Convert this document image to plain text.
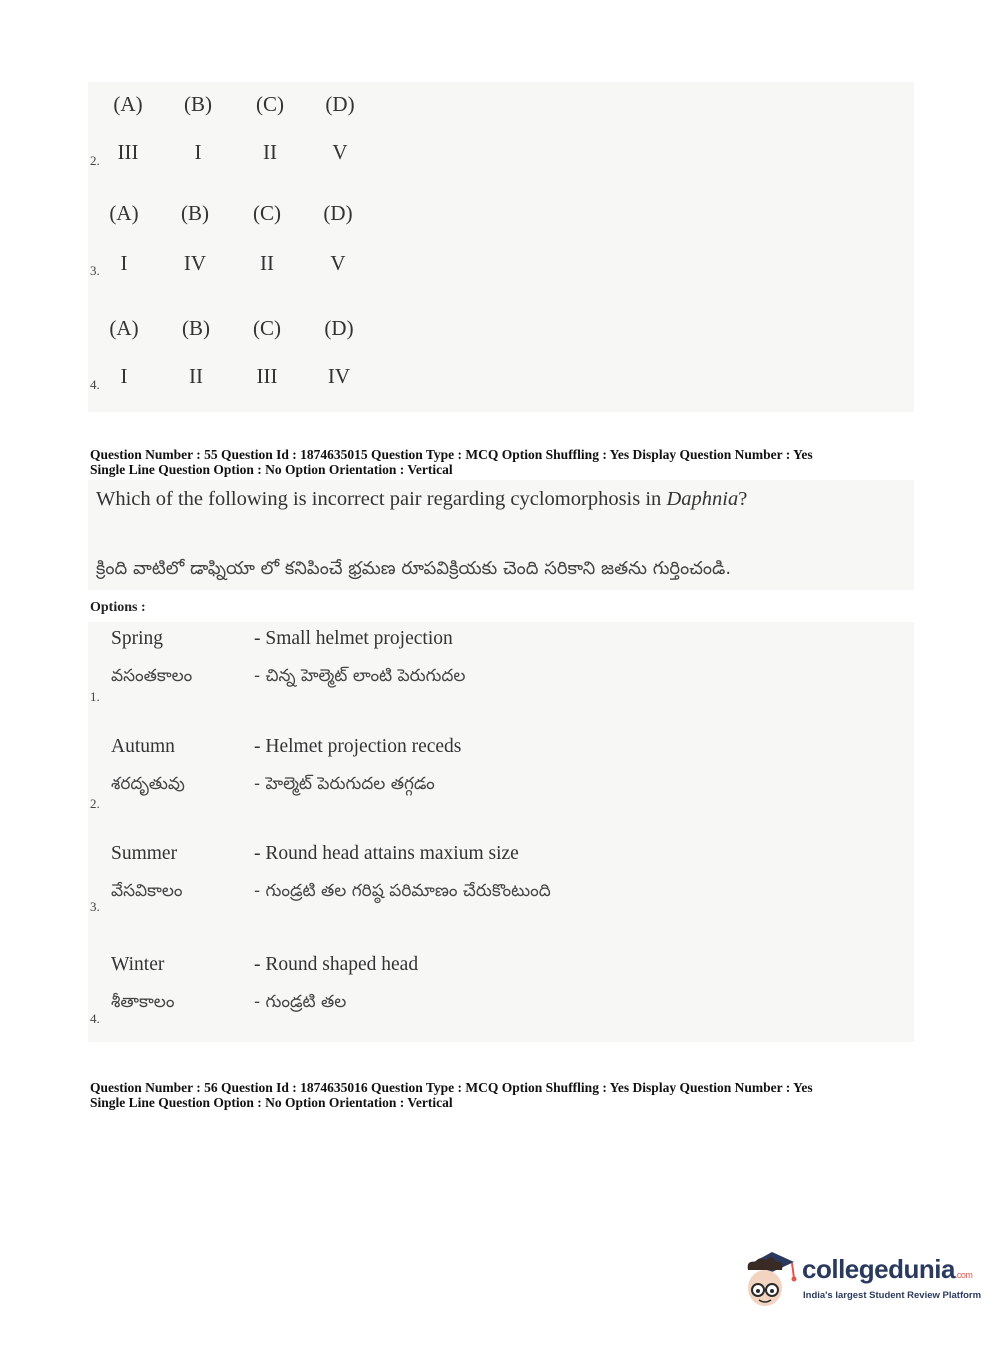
(A) (B) (C) (D)
III	I	II	V
2.
(A) (B) (C) (D)
I	IV	II	V
3.
(A) (B) (C) (D)
I	II	III	IV
4.
Question Number : 55 Question Id : 1874635015 Question Type : MCQ Option Shuffling : Yes Display Question Number : Yes
Single Line Question Option : No Option Orientation : Vertical
Which of the following is incorrect pair regarding cyclomorphosis in Daphnia?
క్రింది వాటిలో డాఫ్నియా లో కనిపించే భ్రమణ రూపవిక్రియకు చెంది సరికాని జతను గుర్తించండి.
Options :
Spring	- Small helmet projection
వసంతకాలం	- చిన్న హెల్మెట్ లాంటి పెరుగుదల
1.
Autumn	- Helmet projection receds
శరదృతువు	- హెల్మెట్ పెరుగుదల తగ్గడం
2.
Summer	- Round head attains maxium size
వేసవికాలం	- గుండ్రటి తల గరిష్ఠ పరిమాణం చేరుకొంటుంది
3.
Winter	- Round shaped head
శీతాకాలం	- గుండ్రటి తల
4.
Question Number : 56 Question Id : 1874635016 Question Type : MCQ Option Shuffling : Yes Display Question Number : Yes
Single Line Question Option : No Option Orientation : Vertical
collegedunia.com
India's largest Student Review Platform
